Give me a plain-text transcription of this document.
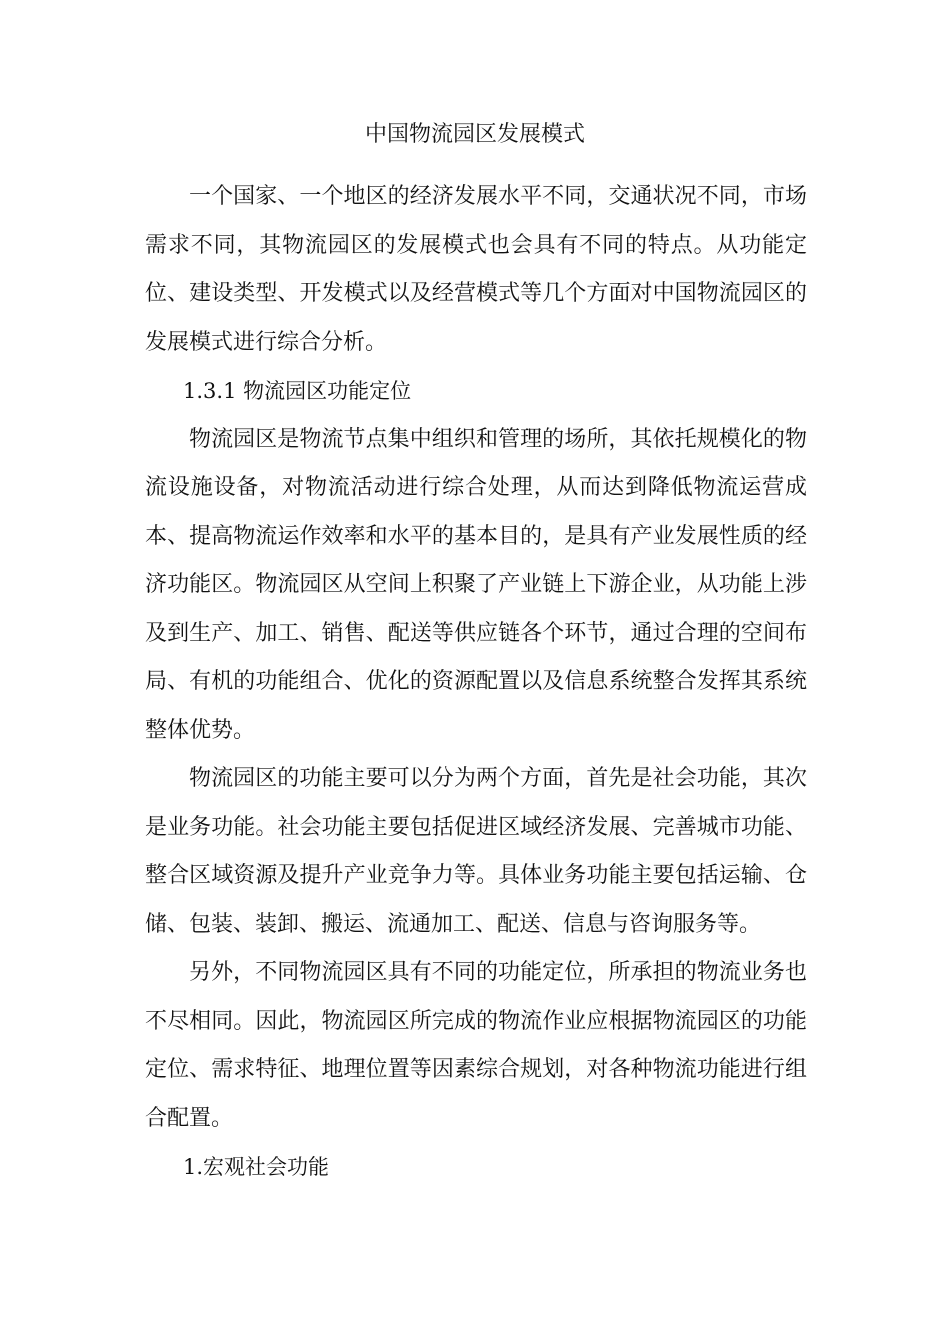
中国物流园区发展模式

一个国家、一个地区的经济发展水平不同，交通状况不同，市场需求不同，其物流园区的发展模式也会具有不同的特点。从功能定位、建设类型、开发模式以及经营模式等几个方面对中国物流园区的发展模式进行综合分析。

1.3.1 物流园区功能定位

物流园区是物流节点集中组织和管理的场所，其依托规模化的物流设施设备，对物流活动进行综合处理，从而达到降低物流运营成本、提高物流运作效率和水平的基本目的，是具有产业发展性质的经济功能区。物流园区从空间上积聚了产业链上下游企业，从功能上涉及到生产、加工、销售、配送等供应链各个环节，通过合理的空间布局、有机的功能组合、优化的资源配置以及信息系统整合发挥其系统整体优势。

物流园区的功能主要可以分为两个方面，首先是社会功能，其次是业务功能。社会功能主要包括促进区域经济发展、完善城市功能、整合区域资源及提升产业竞争力等。具体业务功能主要包括运输、仓储、包装、装卸、搬运、流通加工、配送、信息与咨询服务等。

另外，不同物流园区具有不同的功能定位，所承担的物流业务也不尽相同。因此，物流园区所完成的物流作业应根据物流园区的功能定位、需求特征、地理位置等因素综合规划，对各种物流功能进行组合配置。

1.宏观社会功能
